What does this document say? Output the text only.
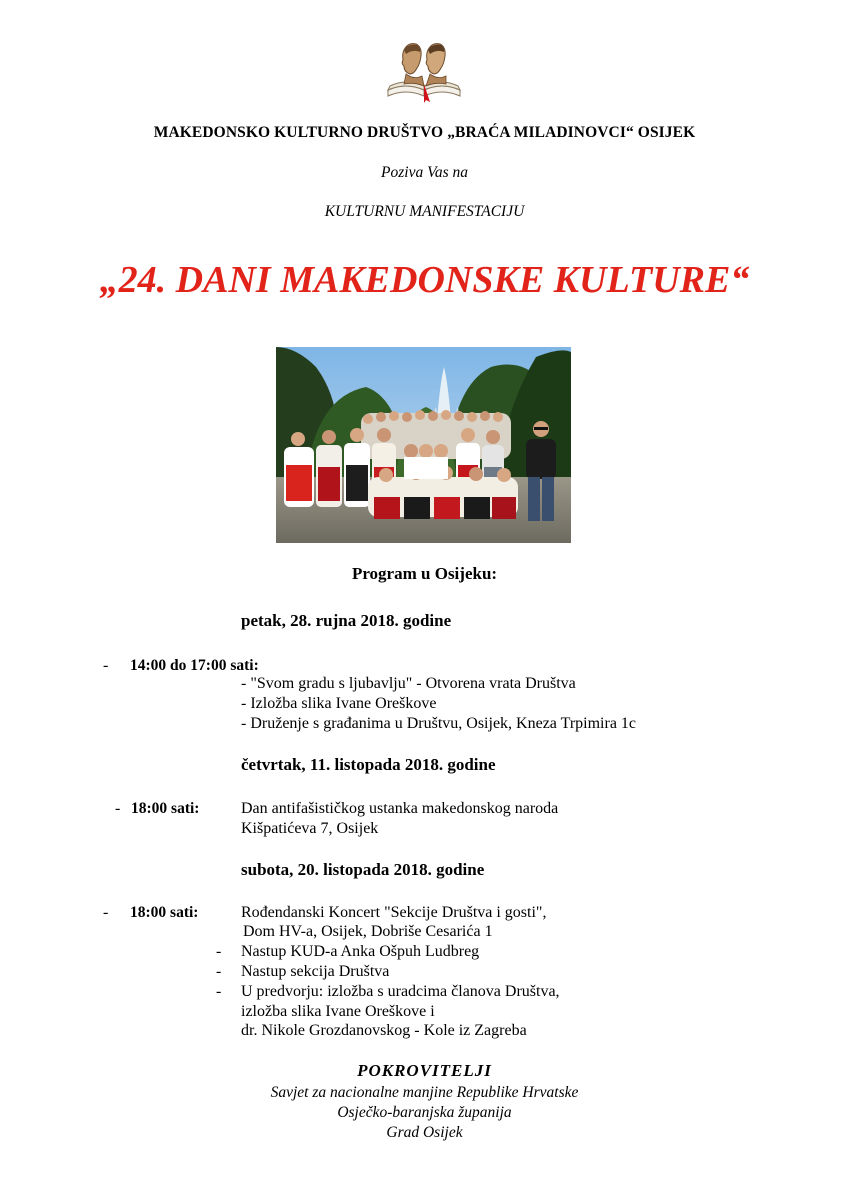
MAKEDONSKO KULTURNO DRUŠTVO „BRAĆA MILADINOVCI“ OSIJEK
Poziva Vas na
KULTURNU MANIFESTACIJU
„24. DANI MAKEDONSKE KULTURE“
Program u Osijeku:
petak, 28. rujna 2018. godine
- 14:00 do 17:00 sati:
- "Svom gradu s ljubavlju" - Otvorena vrata Društva
- Izložba slika Ivane Oreškove
- Druženje s građanima u Društvu, Osijek, Kneza Trpimira 1c
četvrtak, 11. listopada 2018. godine
- 18:00 sati:	Dan antifašističkog ustanka makedonskog naroda
Kišpatićeva 7, Osijek
subota, 20. listopada 2018. godine
- 18:00 sati:	Rođendanski Koncert "Sekcije Društva i gosti",
Dom HV-a, Osijek, Dobriše Cesarića 1
- Nastup KUD-a Anka Ošpuh Ludbreg
- Nastup sekcija Društva
- U predvorju: izložba s uradcima članova Društva,
izložba slika Ivane Oreškove i
dr. Nikole Grozdanovskog - Kole iz Zagreba
POKROVITELJI
Savjet za nacionalne manjine Republike Hrvatske
Osječko-baranjska županija
Grad Osijek
